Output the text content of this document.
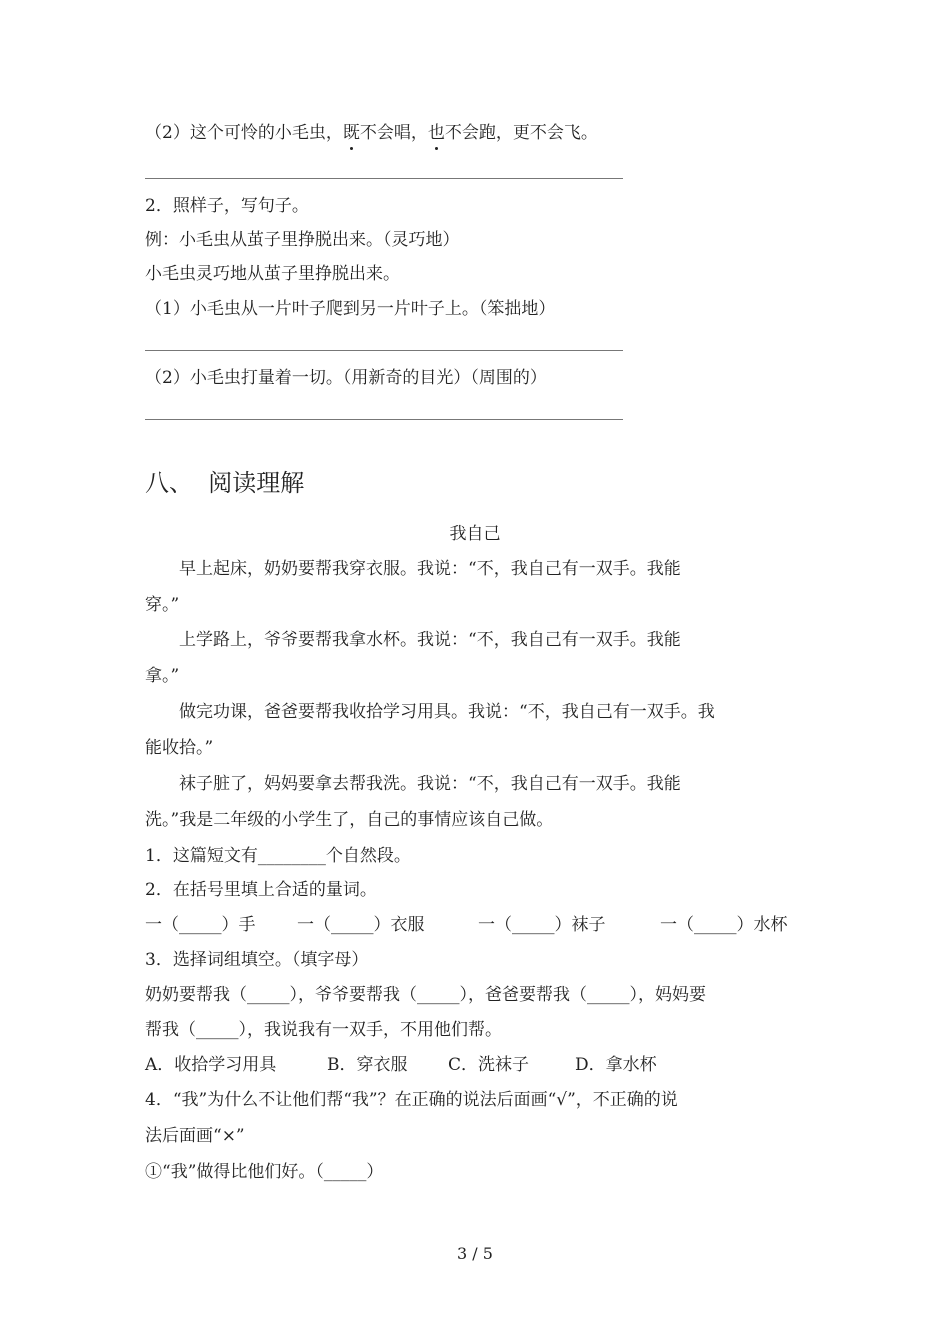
（2）这个可怜的小毛虫，既不会唱，也不会跑，更不会飞。
2．照样子，写句子。
例：小毛虫从茧子里挣脱出来。（灵巧地）
小毛虫灵巧地从茧子里挣脱出来。
（1）小毛虫从一片叶子爬到另一片叶子上。（笨拙地）
（2）小毛虫打量着一切。（用新奇的目光）（周围的）
八、 阅读理解
我自己
早上起床，奶奶要帮我穿衣服。我说：“不，我自己有一双手。我能
穿。”
上学路上，爷爷要帮我拿水杯。我说：“不，我自己有一双手。我能
拿。”
做完功课，爸爸要帮我收拾学习用具。我说：“不，我自己有一双手。我
能收拾。”
袜子脏了，妈妈要拿去帮我洗。我说：“不，我自己有一双手。我能
洗。”我是二年级的小学生了，自己的事情应该自己做。
1．这篇短文有________个自然段。
2．在括号里填上合适的量词。
一（_____）手 一（_____）衣服	一（_____）袜子	一（_____）水杯
3．选择词组填空。（填字母）
奶奶要帮我（_____），爷爷要帮我（_____），爸爸要帮我（_____），妈妈要
帮我（_____），我说我有一双手，不用他们帮。
A．收拾学习用具	B．穿衣服 C．洗袜子	D．拿水杯
4．“我”为什么不让他们帮“我”？在正确的说法后面画“√”，不正确的说
法后面画“×”
①“我”做得比他们好。（_____）
3 / 5
